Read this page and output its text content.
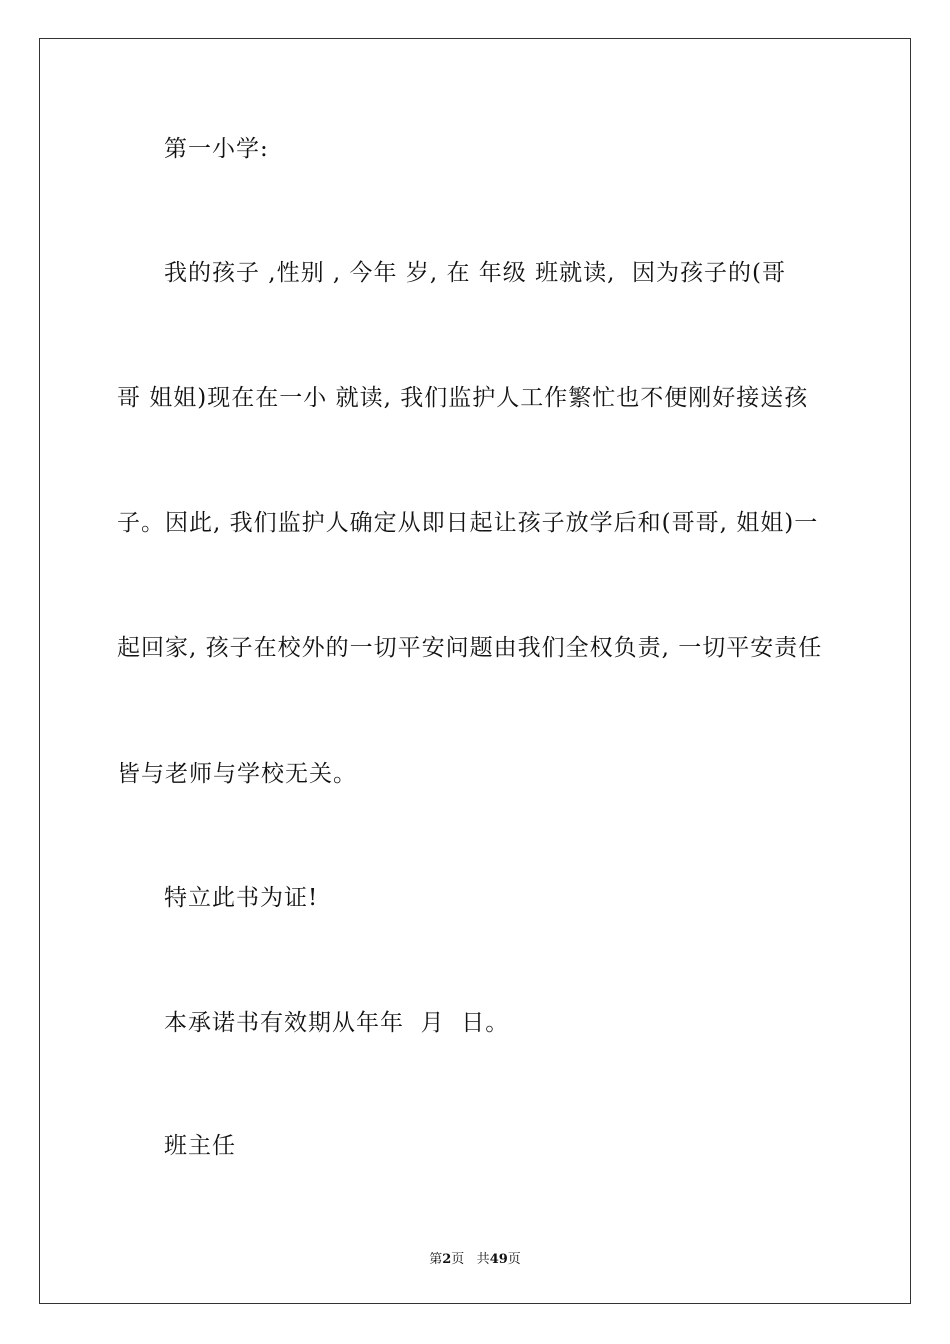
第一小学:
我的孩子 ,性别 , 今年 岁, 在 年级 班就读,  因为孩子的(哥
哥 姐姐)现在在一小 就读, 我们监护人工作繁忙也不便刚好接送孩
子。因此, 我们监护人确定从即日起让孩子放学后和(哥哥, 姐姐)一
起回家, 孩子在校外的一切平安问题由我们全权负责, 一切平安责任
皆与老师与学校无关。
特立此书为证!
本承诺书有效期从年年  月  日。
班主任
第2页 共49页
